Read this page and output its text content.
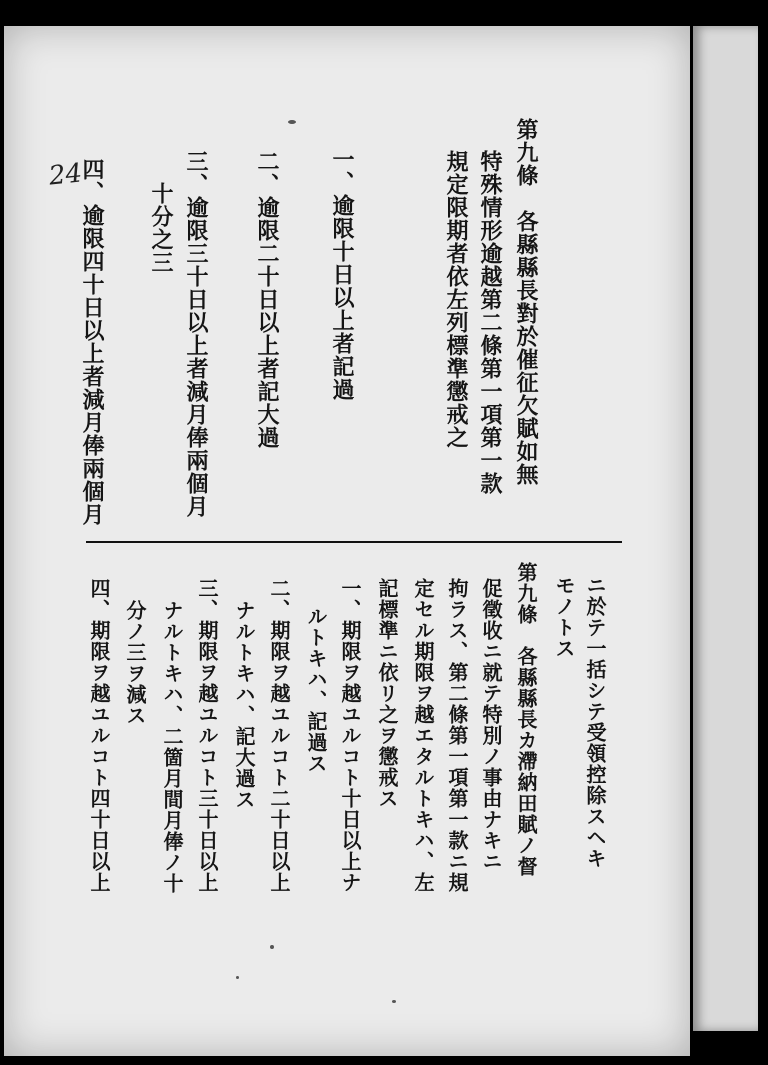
24	第九條　各縣縣長對於催征欠賦如無
特殊情形逾越第二條第一項第一款
規定限期者依左列標準懲戒之
一、逾限十日以上者記過
二、逾限二十日以上者記大過
三、逾限三十日以上者減月俸兩個月
十分之三
四、逾限四十日以上者減月俸兩個月
ニ於テ一括シテ受領控除スヘキ
モノトス
第九條　各縣縣長カ滯納田賦ノ督
促徵收ニ就テ特別ノ事由ナキニ
拘ラス、第二條第一項第一款ニ規
定セル期限ヲ越エタルトキハ、左
記標準ニ依リ之ヲ懲戒ス
一、期限ヲ越ユルコト十日以上ナ
ルトキハ、記過ス
二、期限ヲ越ユルコト二十日以上
ナルトキハ、記大過ス
三、期限ヲ越ユルコト三十日以上
ナルトキハ、二箇月間月俸ノ十
分ノ三ヲ減ス
四、期限ヲ越ユルコト四十日以上
